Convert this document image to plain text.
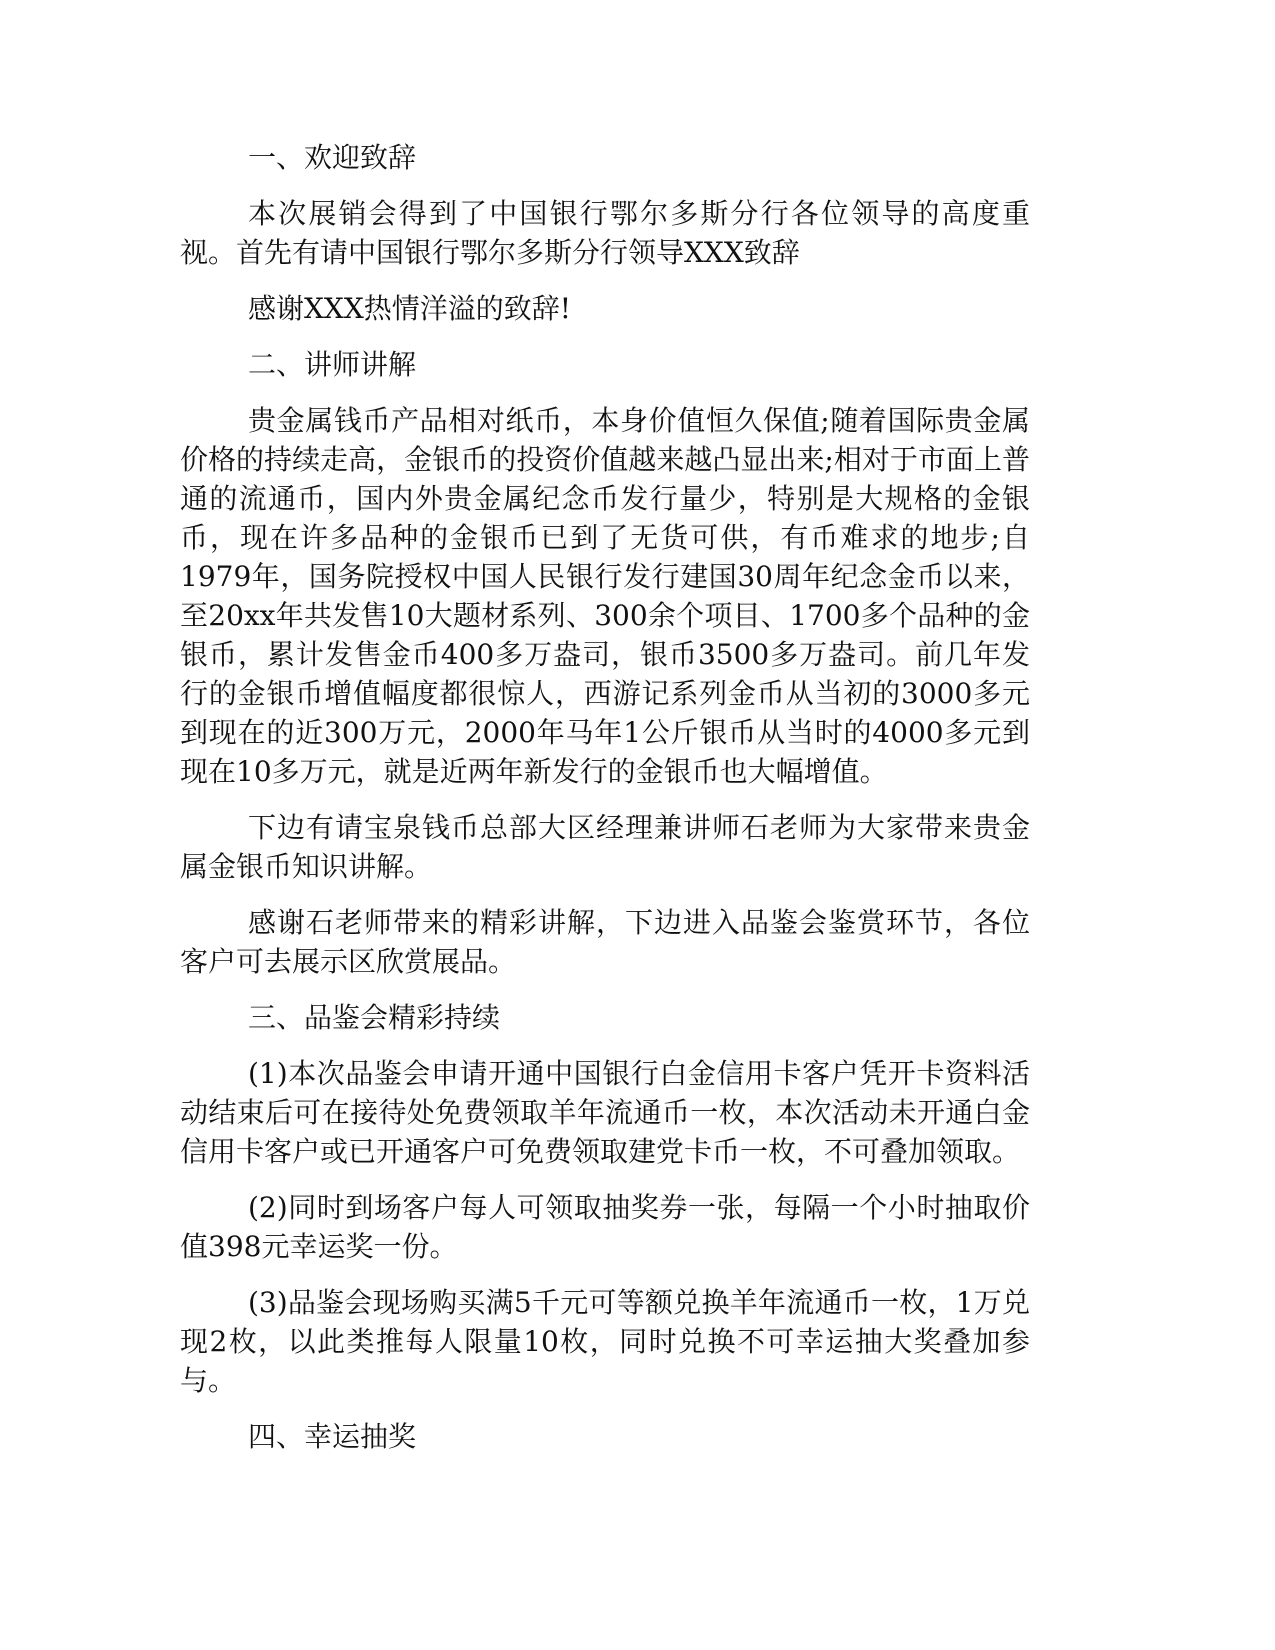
一、欢迎致辞

本次展销会得到了中国银行鄂尔多斯分行各位领导的高度重视。首先有请中国银行鄂尔多斯分行领导XXX致辞

感谢XXX热情洋溢的致辞!

二、讲师讲解

贵金属钱币产品相对纸币，本身价值恒久保值;随着国际贵金属价格的持续走高，金银币的投资价值越来越凸显出来;相对于市面上普通的流通币，国内外贵金属纪念币发行量少，特别是大规格的金银币，现在许多品种的金银币已到了无货可供，有币难求的地步;自1979年，国务院授权中国人民银行发行建国30周年纪念金币以来，至20xx年共发售10大题材系列、300余个项目、1700多个品种的金银币，累计发售金币400多万盎司，银币3500多万盎司。前几年发行的金银币增值幅度都很惊人，西游记系列金币从当初的3000多元到现在的近300万元，2000年马年1公斤银币从当时的4000多元到现在10多万元，就是近两年新发行的金银币也大幅增值。

下边有请宝泉钱币总部大区经理兼讲师石老师为大家带来贵金属金银币知识讲解。

感谢石老师带来的精彩讲解，下边进入品鉴会鉴赏环节，各位客户可去展示区欣赏展品。

三、品鉴会精彩持续

(1)本次品鉴会申请开通中国银行白金信用卡客户凭开卡资料活动结束后可在接待处免费领取羊年流通币一枚，本次活动未开通白金信用卡客户或已开通客户可免费领取建党卡币一枚，不可叠加领取。

(2)同时到场客户每人可领取抽奖券一张，每隔一个小时抽取价值398元幸运奖一份。

(3)品鉴会现场购买满5千元可等额兑换羊年流通币一枚，1万兑现2枚，以此类推每人限量10枚，同时兑换不可幸运抽大奖叠加参与。

四、幸运抽奖
